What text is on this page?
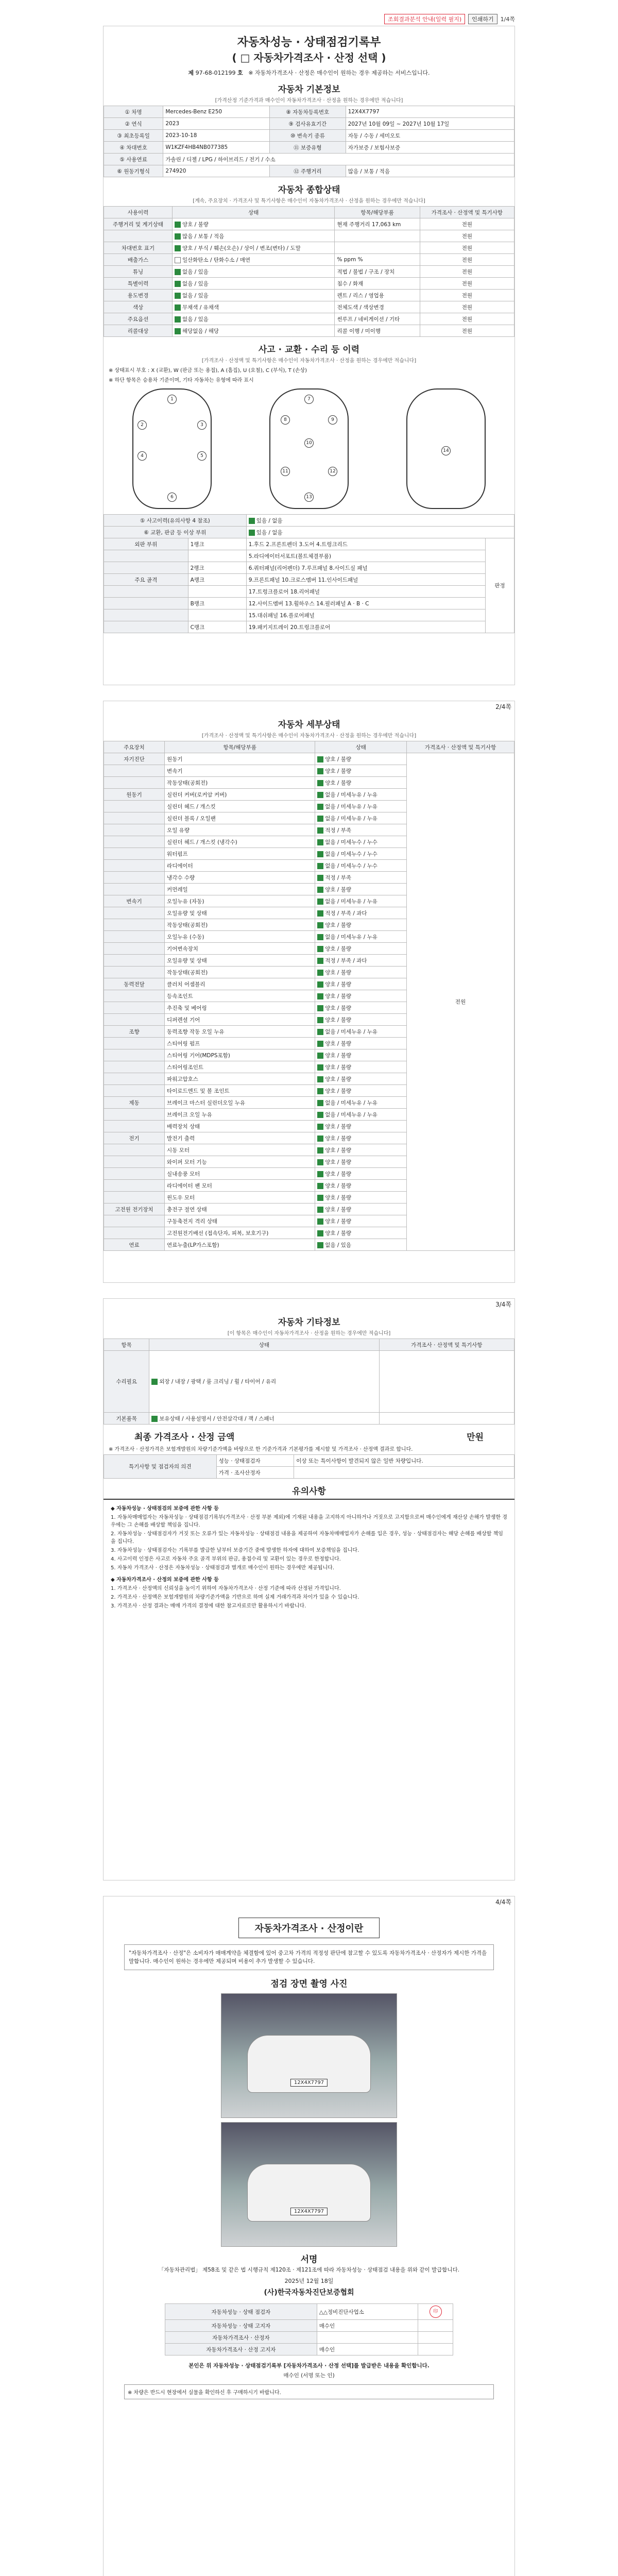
조회결과분석 안내(일력 필지)	인쇄하기	1/4쪽
자동차성능 · 상태점검기록부
( □ 자동차가격조사 · 산정 선택 )
제 97-68-012199 호 ※ 자동차가격조사 · 산정은 매수인이 원하는 경우 제공하는 서비스입니다.
자동차 기본정보
[가격산정 기준가격과 매수인이 자동차가격조사 · 산정을 원하는 경우에만 적습니다]
① 차명	Mercedes-Benz E250	⑧ 자동차등록번호	12X4X7797
② 연식	2023	⑨ 검사유효기간	2027년 10월 09일 ~ 2027년 10월 17일
③ 최초등록일	2023-10-18	⑩ 변속기 종류	자동 / 수동 / 세미오토
④ 차대번호	W1KZF4HB4NB077385	⑪ 보증유형	자가보증 / 보험사보증
⑤ 사용연료	가솔린 / 디젤 / LPG / 하이브리드 / 전기 / 수소		
⑥ 원동기형식	274920	⑫ 주행거리	많음 / 보통 / 적음
자동차 종합상태
[계속, 주요장치 · 가격조사 및 특기사항은 매수인이 자동차가격조사 · 산정을 원하는 경우에만 적습니다]
사용이력	상태	항목/해당부품	가격조사 · 산정액 및 특기사항
주행거리 및 계기상태	양호 / 불량	현재 주행거리 17,063 km	전원
	많음 / 보통 / 적음		전원
차대번호 표기	양호 / 부식 / 훼손(오손) / 상이 / 변조(변타) / 도말		전원
배출가스	일산화탄소 / 탄화수소 / 매연	% ppm %	전원
튜닝	없음 / 있음	적법 / 불법 / 구조 / 장치	전원
특별이력	없음 / 있음	침수 / 화재	전원
용도변경	없음 / 있음	렌트 / 리스 / 영업용	전원
색상	무채색 / 유채색	전체도색 / 색상변경	전원
주요옵션	없음 / 있음	썬루프 / 네비게이션 / 기타	전원
리콜대상	해당없음 / 해당	리콜 이행 / 미이행	전원
사고 · 교환 · 수리 등 이력
[가격조사 · 산정액 및 특기사항은 매수인이 자동차가격조사 · 산정을 원하는 경우에만 적습니다]
※ 상태표시 부호 : X (교환), W (판금 또는 용접), A (흠집), U (요철), C (부식), T (손상)
※ 하단 항목은 승용차 기준이며, 기타 자동차는 유형에 따라 표시
1
2	3
4	5
6
7
8	9
10
11	12
13
14
⑤ 사고이력(유의사항 4 참조)		있음 / 없음	
⑥ 교환, 판금 등 이상 부위		있음 / 없음	
외판 부위	1랭크	1.후드 2.프론트펜더 3.도어 4.트렁크리드	판정
		5.라디에이터서포트(볼트체결부품)	
	2랭크	6.쿼터패널(리어펜더) 7.루프패널 8.사이드실 패널	
주요 골격	A랭크	9.프론트패널 10.크로스멤버 11.인사이드패널	
		17.트렁크플로어 18.리어패널	
	B랭크	12.사이드멤버 13.휠하우스 14.필러패널 A · B · C	
		15.대쉬패널 16.플로어패널	
	C랭크	19.패키지트레이 20.트렁크플로어	
2/4쪽
자동차 세부상태
[가격조사 · 산정액 및 특기사항은 매수인이 자동차가격조사 · 산정을 원하는 경우에만 적습니다]
주요장치	항목/해당부품	상태	가격조사 · 산정액 및 특기사항
자기진단	원동기	양호 / 불량	전원
	변속기	양호 / 불량	
	작동상태(공회전)	양호 / 불량	
원동기	실린더 커버(로커암 커버)	없음 / 미세누유 / 누유	
	실린더 헤드 / 개스킷	없음 / 미세누유 / 누유	
	실린더 블록 / 오일팬	없음 / 미세누유 / 누유	
	오일 유량	적정 / 부족	
	실린더 헤드 / 개스킷 (냉각수)	없음 / 미세누수 / 누수	
	워터펌프	없음 / 미세누수 / 누수	
	라디에이터	없음 / 미세누수 / 누수	
	냉각수 수량	적정 / 부족	
	커먼레일	양호 / 불량	
변속기	오일누유 (자동)	없음 / 미세누유 / 누유	
	오일유량 및 상태	적정 / 부족 / 과다	
	작동상태(공회전)	양호 / 불량	
	오일누유 (수동)	없음 / 미세누유 / 누유	
	기어변속장치	양호 / 불량	
	오일유량 및 상태	적정 / 부족 / 과다	
	작동상태(공회전)	양호 / 불량	
동력전달	클러치 어셈블리	양호 / 불량	
	등속조인트	양호 / 불량	
	추진축 및 베어링	양호 / 불량	
	디퍼렌셜 기어	양호 / 불량	
조향	동력조향 작동 오일 누유	없음 / 미세누유 / 누유	
	스티어링 펌프	양호 / 불량	
	스티어링 기어(MDPS포함)	양호 / 불량	
	스티어링조인트	양호 / 불량	
	파워고압호스	양호 / 불량	
	타이로드엔드 및 볼 조인트	양호 / 불량	
제동	브레이크 마스터 실린더오일 누유	없음 / 미세누유 / 누유	
	브레이크 오일 누유	없음 / 미세누유 / 누유	
	배력장치 상태	양호 / 불량	
전기	발전기 출력	양호 / 불량	
	시동 모터	양호 / 불량	
	와이퍼 모터 기능	양호 / 불량	
	실내송풍 모터	양호 / 불량	
	라디에이터 팬 모터	양호 / 불량	
	윈도우 모터	양호 / 불량	
고전원 전기장치	충전구 절연 상태	양호 / 불량	
	구동축전지 격리 상태	양호 / 불량	
	고전원전기배선 (접속단자, 피복, 보호기구)	양호 / 불량	
연료	연료누출(LP가스포함)	없음 / 있음	
3/4쪽
자동차 기타정보
[이 항목은 매수인이 자동차가격조사 · 산정을 원하는 경우에만 적습니다]
항목	상태	가격조사 · 산정액 및 특기사항
수리필요	외장 / 내장 / 광택 / 룸 크리닝 / 휠 / 타이어 / 유리	
기본품목	보유상태 / 사용설명서 / 안전삼각대 / 잭 / 스패너	
최종 가격조사 · 산정 금액	만원
※ 가격조사 · 산정가격은 보험개발원의 차량기준가액을 바탕으로 한 기준가격과 기본평가를 제시할 및 가격조사 · 산정액 결과로 합니다.
특기사항 및 점검자의 의견	성능 · 상태점검자	이상 또는 특이사항이 발견되지 않은 일반 차량입니다.
	가격 · 조사산정자	
유의사항

◆ 자동차성능 · 상태점검의 보증에 관한 사항 등

1. 자동차매매업자는 자동차성능 · 상태점검기록부(가격조사 · 산정 부분 제외)에 기재된 내용을 고지하지 아니하거나 거짓으로 고지함으로써 매수인에게 재산상 손해가 발생한 경우에는 그 손해를 배상할 책임을 집니다.

2. 자동차성능 · 상태점검자가 거짓 또는 오류가 있는 자동차성능 · 상태점검 내용을 제공하여 자동차매매업자가 손해를 입은 경우, 성능 · 상태점검자는 해당 손해를 배상할 책임을 집니다.

3. 자동차성능 · 상태점검자는 기록부를 발급한 날부터 보증기간 중에 발생한 하자에 대하여 보증책임을 집니다.

4. 사고이력 인정은 사고로 자동차 주요 골격 부위의 판금, 용접수리 및 교환이 있는 경우로 한정합니다.

5. 자동차 가격조사 · 산정은 자동차성능 · 상태점검과 별개로 매수인이 원하는 경우에만 제공됩니다.

◆ 자동차가격조사 · 산정의 보증에 관한 사항 등

1. 가격조사 · 산정액의 신뢰성을 높이기 위하여 자동차가격조사 · 산정 기준에 따라 산정된 가격입니다.

2. 가격조사 · 산정액은 보험개발원의 차량기준가액을 기반으로 하며 실제 거래가격과 차이가 있을 수 있습니다.

3. 가격조사 · 산정 결과는 매매 가격의 결정에 대한 참고자료로만 활용하시기 바랍니다.

4/4쪽
자동차가격조사 · 산정이란
"자동차가격조사 · 산정"은 소비자가 매매계약을 체결함에 있어 중고차 가격의 적정성 판단에 참고할 수 있도록 자동차가격조사 · 산정자가 제시한 가격을 말합니다. 매수인이 원하는 경우에만 제공되며 비용이 추가 발생할 수 있습니다.
점검 장면 촬영 사진
12X4X7797
12X4X7797
서명
「자동차관리법」 제58조 및 같은 법 시행규칙 제120조 · 제121조에 따라 자동차성능 · 상태점검 내용을 위와 같이 발급합니다.
2025년 12월 18일
(사)한국자동차진단보증협회
자동차성능 · 상태 점검자	△△정비진단사업소	印
자동차성능 · 상태 고지자	매수인	
자동차가격조사 · 산정자		
자동차가격조사 · 산정 고지자	매수인	
본인은 위 자동차성능 · 상태점검기록부 [자동차가격조사 · 산정 선택]를 발급받은 내용을 확인합니다.
매수인 (서명 또는 인)
※ 차량은 반드시 현장에서 실물을 확인하신 후 구매하시기 바랍니다.
